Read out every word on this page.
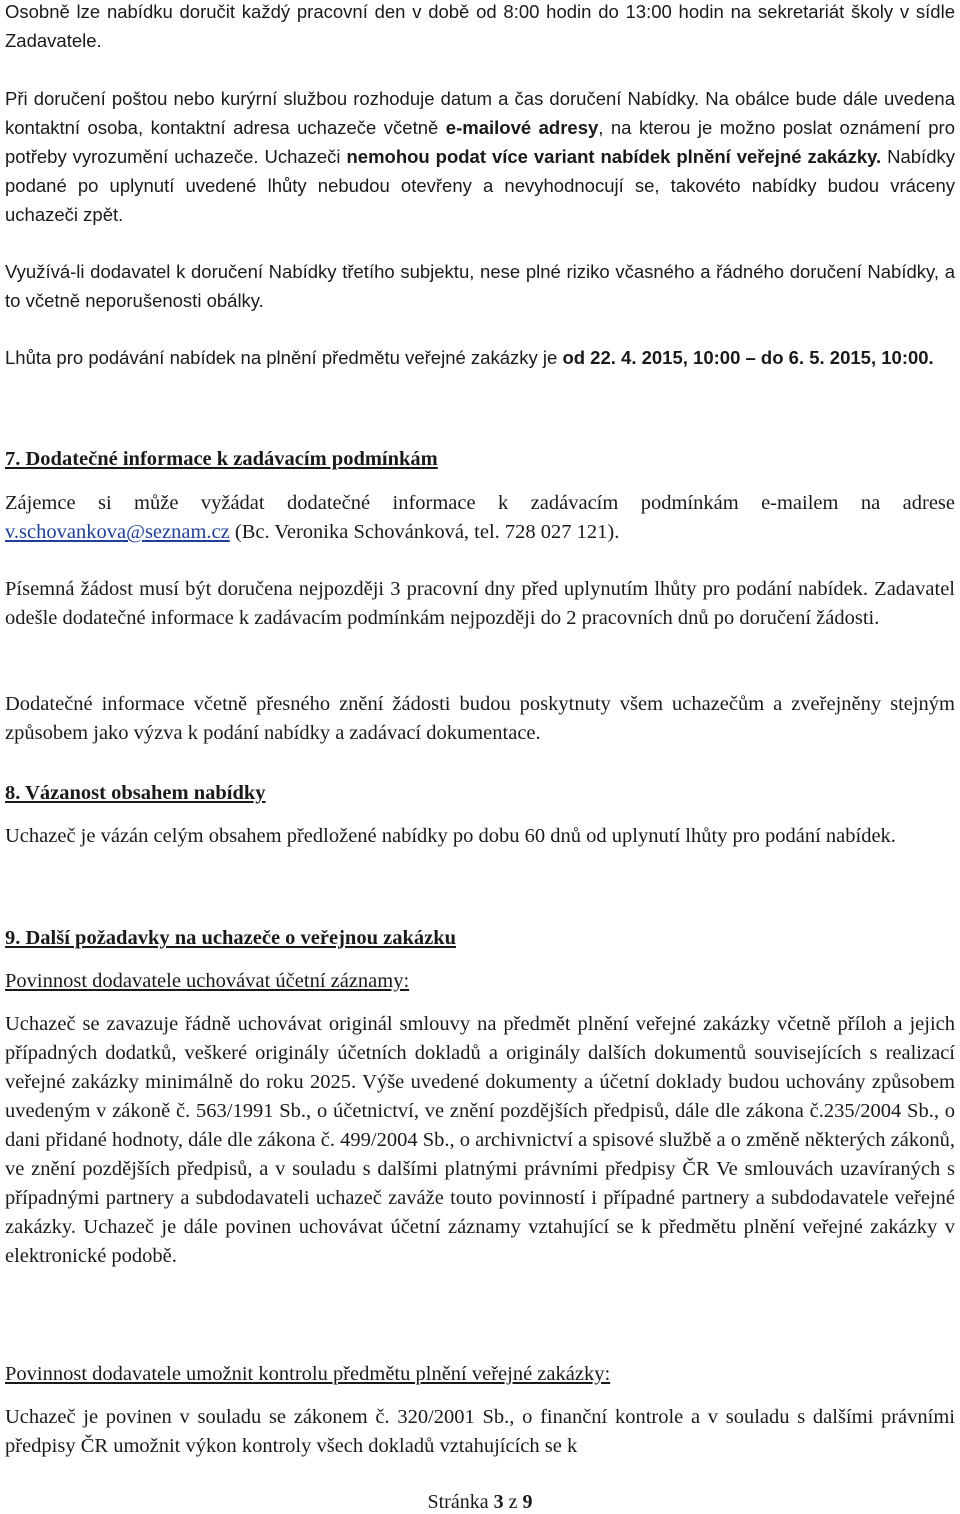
Osobně lze nabídku doručit každý pracovní den v době od 8:00 hodin do 13:00 hodin na sekretariát školy v sídle Zadavatele.

Při doručení poštou nebo kurýrní službou rozhoduje datum a čas doručení Nabídky. Na obálce bude dále uvedena kontaktní osoba, kontaktní adresa uchazeče včetně e-mailové adresy, na kterou je možno poslat oznámení pro potřeby vyrozumění uchazeče. Uchazeči nemohou podat více variant nabídek plnění veřejné zakázky. Nabídky podané po uplynutí uvedené lhůty nebudou otevřeny a nevyhodnocují se, takovéto nabídky budou vráceny uchazeči zpět.

Využívá-li dodavatel k doručení Nabídky třetího subjektu, nese plné riziko včasného a řádného doručení Nabídky, a to včetně neporušenosti obálky.

Lhůta pro podávání nabídek na plnění předmětu veřejné zakázky je od 22. 4. 2015, 10:00 – do 6. 5. 2015, 10:00.

7. Dodatečné informace k zadávacím podmínkám

Zájemce si může vyžádat dodatečné informace k zadávacím podmínkám e-mailem na adrese v.schovankova@seznam.cz (Bc. Veronika Schovánková, tel. 728 027 121).

Písemná žádost musí být doručena nejpozději 3 pracovní dny před uplynutím lhůty pro podání nabídek. Zadavatel odešle dodatečné informace k zadávacím podmínkám nejpozději do 2 pracovních dnů po doručení žádosti.

Dodatečné informace včetně přesného znění žádosti budou poskytnuty všem uchazečům a zveřejněny stejným způsobem jako výzva k podání nabídky a zadávací dokumentace.

8. Vázanost obsahem nabídky

Uchazeč je vázán celým obsahem předložené nabídky po dobu 60 dnů od uplynutí lhůty pro podání nabídek.

9. Další požadavky na uchazeče o veřejnou zakázku

Povinnost dodavatele uchovávat účetní záznamy:

Uchazeč se zavazuje řádně uchovávat originál smlouvy na předmět plnění veřejné zakázky včetně příloh a jejich případných dodatků, veškeré originály účetních dokladů a originály dalších dokumentů souvisejících s realizací veřejné zakázky minimálně do roku 2025. Výše uvedené dokumenty a účetní doklady budou uchovány způsobem uvedeným v zákoně č. 563/1991 Sb., o účetnictví, ve znění pozdějších předpisů, dále dle zákona č.235/2004 Sb., o dani přidané hodnoty, dále dle zákona č. 499/2004 Sb., o archivnictví a spisové službě a o změně některých zákonů, ve znění pozdějších předpisů, a v souladu s dalšími platnými právními předpisy ČR Ve smlouvách uzavíraných s případnými partnery a subdodavateli uchazeč zaváže touto povinností i případné partnery a subdodavatele veřejné zakázky. Uchazeč je dále povinen uchovávat účetní záznamy vztahující se k předmětu plnění veřejné zakázky v elektronické podobě.

Povinnost dodavatele umožnit kontrolu předmětu plnění veřejné zakázky:

Uchazeč je povinen v souladu se zákonem č. 320/2001 Sb., o finanční kontrole a v souladu s dalšími právními předpisy ČR umožnit výkon kontroly všech dokladů vztahujících se k

Stránka 3 z 9
